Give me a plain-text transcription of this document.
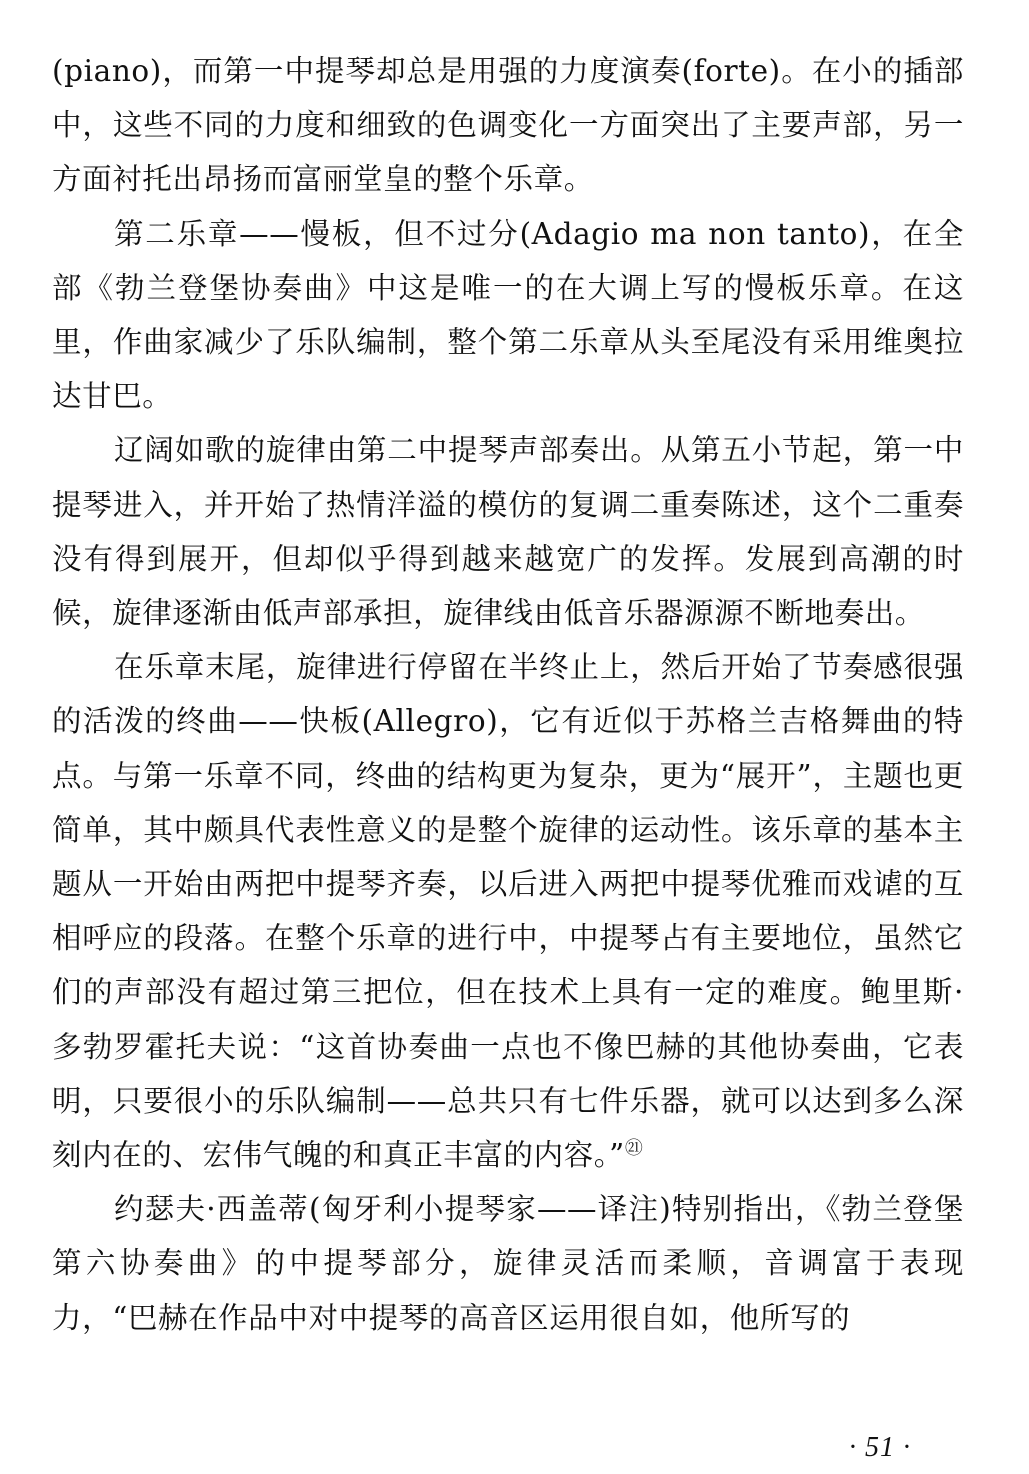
(piano)，而第一中提琴却总是用强的力度演奏(forte)。在小的插部中，这些不同的力度和细致的色调变化一方面突出了主要声部，另一方面衬托出昂扬而富丽堂皇的整个乐章。

第二乐章——慢板，但不过分(Adagio ma non tanto)，在全部《勃兰登堡协奏曲》中这是唯一的在大调上写的慢板乐章。在这里，作曲家减少了乐队编制，整个第二乐章从头至尾没有采用维奥拉达甘巴。

辽阔如歌的旋律由第二中提琴声部奏出。从第五小节起，第一中提琴进入，并开始了热情洋溢的模仿的复调二重奏陈述，这个二重奏没有得到展开，但却似乎得到越来越宽广的发挥。发展到高潮的时候，旋律逐渐由低声部承担，旋律线由低音乐器源源不断地奏出。

在乐章末尾，旋律进行停留在半终止上，然后开始了节奏感很强的活泼的终曲——快板(Allegro)，它有近似于苏格兰吉格舞曲的特点。与第一乐章不同，终曲的结构更为复杂，更为“展开”，主题也更简单，其中颇具代表性意义的是整个旋律的运动性。该乐章的基本主题从一开始由两把中提琴齐奏，以后进入两把中提琴优雅而戏谑的互相呼应的段落。在整个乐章的进行中，中提琴占有主要地位，虽然它们的声部没有超过第三把位，但在技术上具有一定的难度。鲍里斯·多勃罗霍托夫说：“这首协奏曲一点也不像巴赫的其他协奏曲，它表明，只要很小的乐队编制——总共只有七件乐器，就可以达到多么深刻内在的、宏伟气魄的和真正丰富的内容。”$^㉑$

约瑟夫·西盖蒂(匈牙利小提琴家——译注)特别指出，《勃兰登堡第六协奏曲》的中提琴部分，旋律灵活而柔顺，音调富于表现力，“巴赫在作品中对中提琴的高音区运用很自如，他所写的

· 51 ·
